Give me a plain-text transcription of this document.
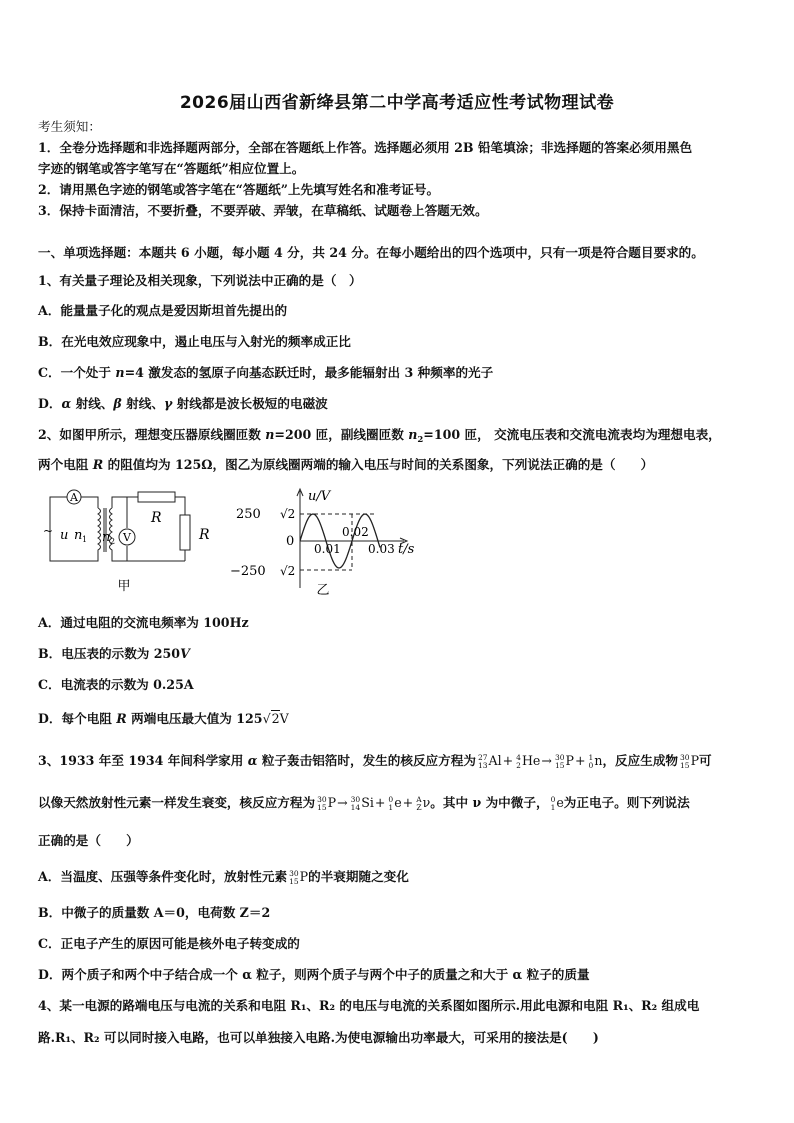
2026届山西省新绛县第二中学高考适应性考试物理试卷
考生须知：
1．全卷分选择题和非选择题两部分，全部在答题纸上作答。选择题必须用 2B 铅笔填涂；非选择题的答案必须用黑色
字迹的钢笔或答字笔写在“答题纸”相应位置上。
2．请用黑色字迹的钢笔或答字笔在“答题纸”上先填写姓名和准考证号。
3．保持卡面清洁，不要折叠，不要弄破、弄皱，在草稿纸、试题卷上答题无效。
一、单项选择题：本题共 6 小题，每小题 4 分，共 24 分。在每小题给出的四个选项中，只有一项是符合题目要求的。
1、有关量子理论及相关现象，下列说法中正确的是（　）
A．能量量子化的观点是爱因斯坦首先提出的
B．在光电效应现象中，遏止电压与入射光的频率成正比
C．一个处于 n=4 激发态的氢原子向基态跃迁时，最多能辐射出 3 种频率的光子
D．α 射线、β 射线、γ 射线都是波长极短的电磁波
2、如图甲所示，理想变压器原线圈匝数 n=200 匝，副线圈匝数 $n_2=100$ 匝， 交流电压表和交流电流表均为理想电表，
两个电阻 R 的阻值均为 125Ω，图乙为原线圈两端的输入电压与时间的关系图象，下列说法正确的是（　　）
A
V
~ u n 1 n 2
R
R
甲
u/V
250 √2
−250 √2
0 0.01
0.02
0.03 t/s
乙
A．通过电阻的交流电频率为 100Hz
B．电压表的示数为 250V
C．电流表的示数为 0.25A
D．每个电阻 R 两端电压最大值为 125√2V
3、1933 年至 1934 年间科学家用 α 粒子轰击铝箔时，发生的核反应方程为 27
13 Al+ 4
2 He→ 30
15 P+ 1
0 n，反应生成物 30
15 P可
以像天然放射性元素一样发生衰变，核反应方程为 30
15 P→ 30
14 Si+ 0
1 e+ A
Z ν。其中 ν 为中微子， 0
1 e为正电子。则下列说法
正确的是（　　）
A．当温度、压强等条件变化时，放射性元素 30
15 P的半衰期随之变化
B．中微子的质量数 A＝0，电荷数 Z＝2
C．正电子产生的原因可能是核外电子转变成的
D．两个质子和两个中子结合成一个 α 粒子，则两个质子与两个中子的质量之和大于 α 粒子的质量
4、某一电源的路端电压与电流的关系和电阻 R₁、R₂ 的电压与电流的关系图如图所示.用此电源和电阻 R₁、R₂ 组成电
路.R₁、R₂ 可以同时接入电路，也可以单独接入电路.为使电源输出功率最大，可采用的接法是(　　)
